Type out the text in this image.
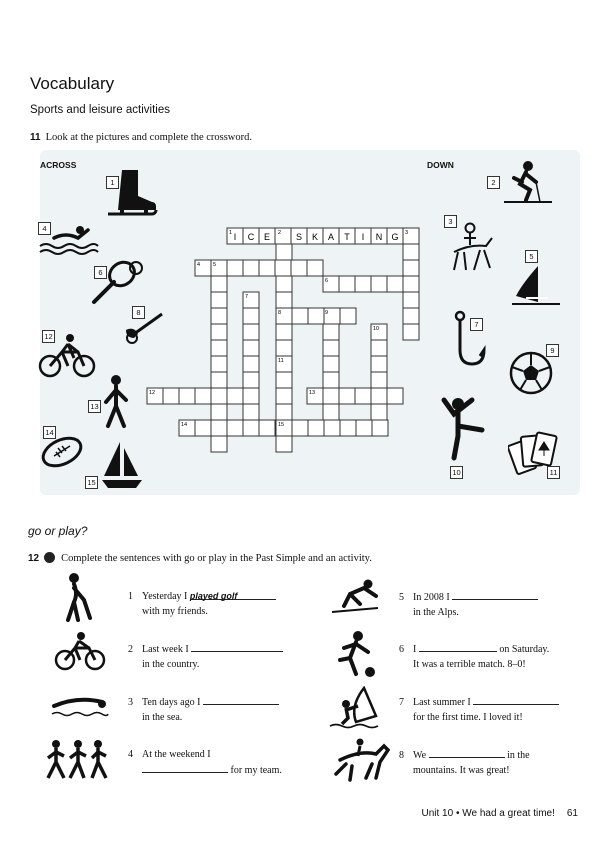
Vocabulary
Sports and leisure activities
11 Look at the pictures and complete the crossword.
ACROSS	DOWN
I C E	S K A T I N G
1	2	3
4 5
6
7
8	9
10
11
12	13
14	15
1	2
3
4
5
6
7
8
9
10	11
12
13
14
15
go or play?
12 Complete the sentences with go or play in the Past Simple and an activity.
1 Yesterday I played golf
with my friends.
2 Last week I
in the country.
3 Ten days ago I
in the sea.
4 At the weekend I
for my team.
5 In 2008 I
in the Alps.
6 I	on Saturday.
It was a terrible match. 8–0!
7 Last summer I
for the first time. I loved it!
8 We	in the
mountains. It was great!
Unit 10 • We had a great time! 61
